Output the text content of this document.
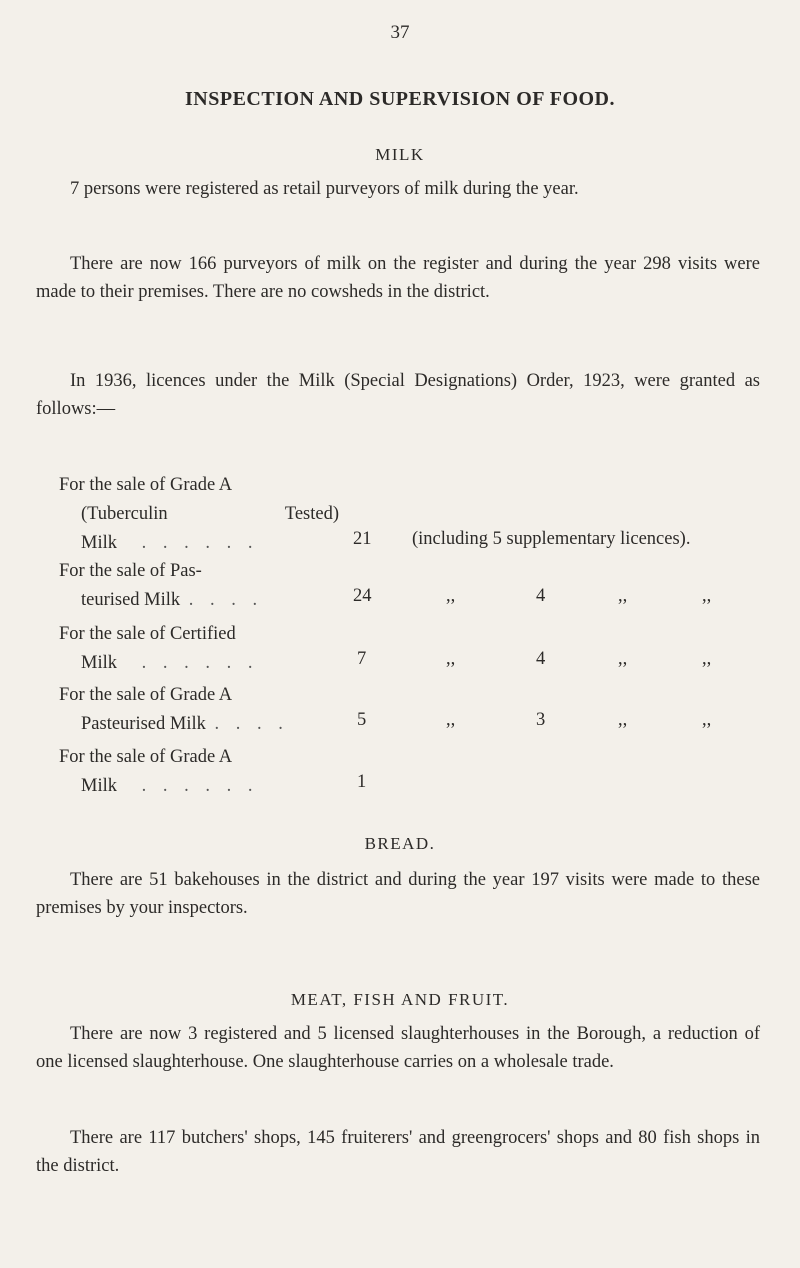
37
INSPECTION AND SUPERVISION OF FOOD.
MILK
7 persons were registered as retail purveyors of milk during the year.
There are now 166 purveyors of milk on the register and during the year 298 visits were made to their premises. There are no cowsheds in the district.
In 1936, licences under the Milk (Special Designations) Order, 1923, were granted as follows:—
For the sale of Grade A
(Tuberculin	Tested)
Milk . . . . . .	21 (including 5 supplementary licences).
For the sale of Pas-
teurised Milk . . . .	24	,,	4	,,	,,
For the sale of Certified
Milk . . . . . .	7	,,	4	,,	,,
For the sale of Grade A
Pasteurised Milk . . . .	5	,,	3	,,	,,
For the sale of Grade A
Milk . . . . . .	1
BREAD.
There are 51 bakehouses in the district and during the year 197 visits were made to these premises by your inspectors.
MEAT, FISH AND FRUIT.
There are now 3 registered and 5 licensed slaughterhouses in the Borough, a reduction of one licensed slaughterhouse. One slaughterhouse carries on a wholesale trade.
There are 117 butchers' shops, 145 fruiterers' and greengrocers' shops and 80 fish shops in the district.
